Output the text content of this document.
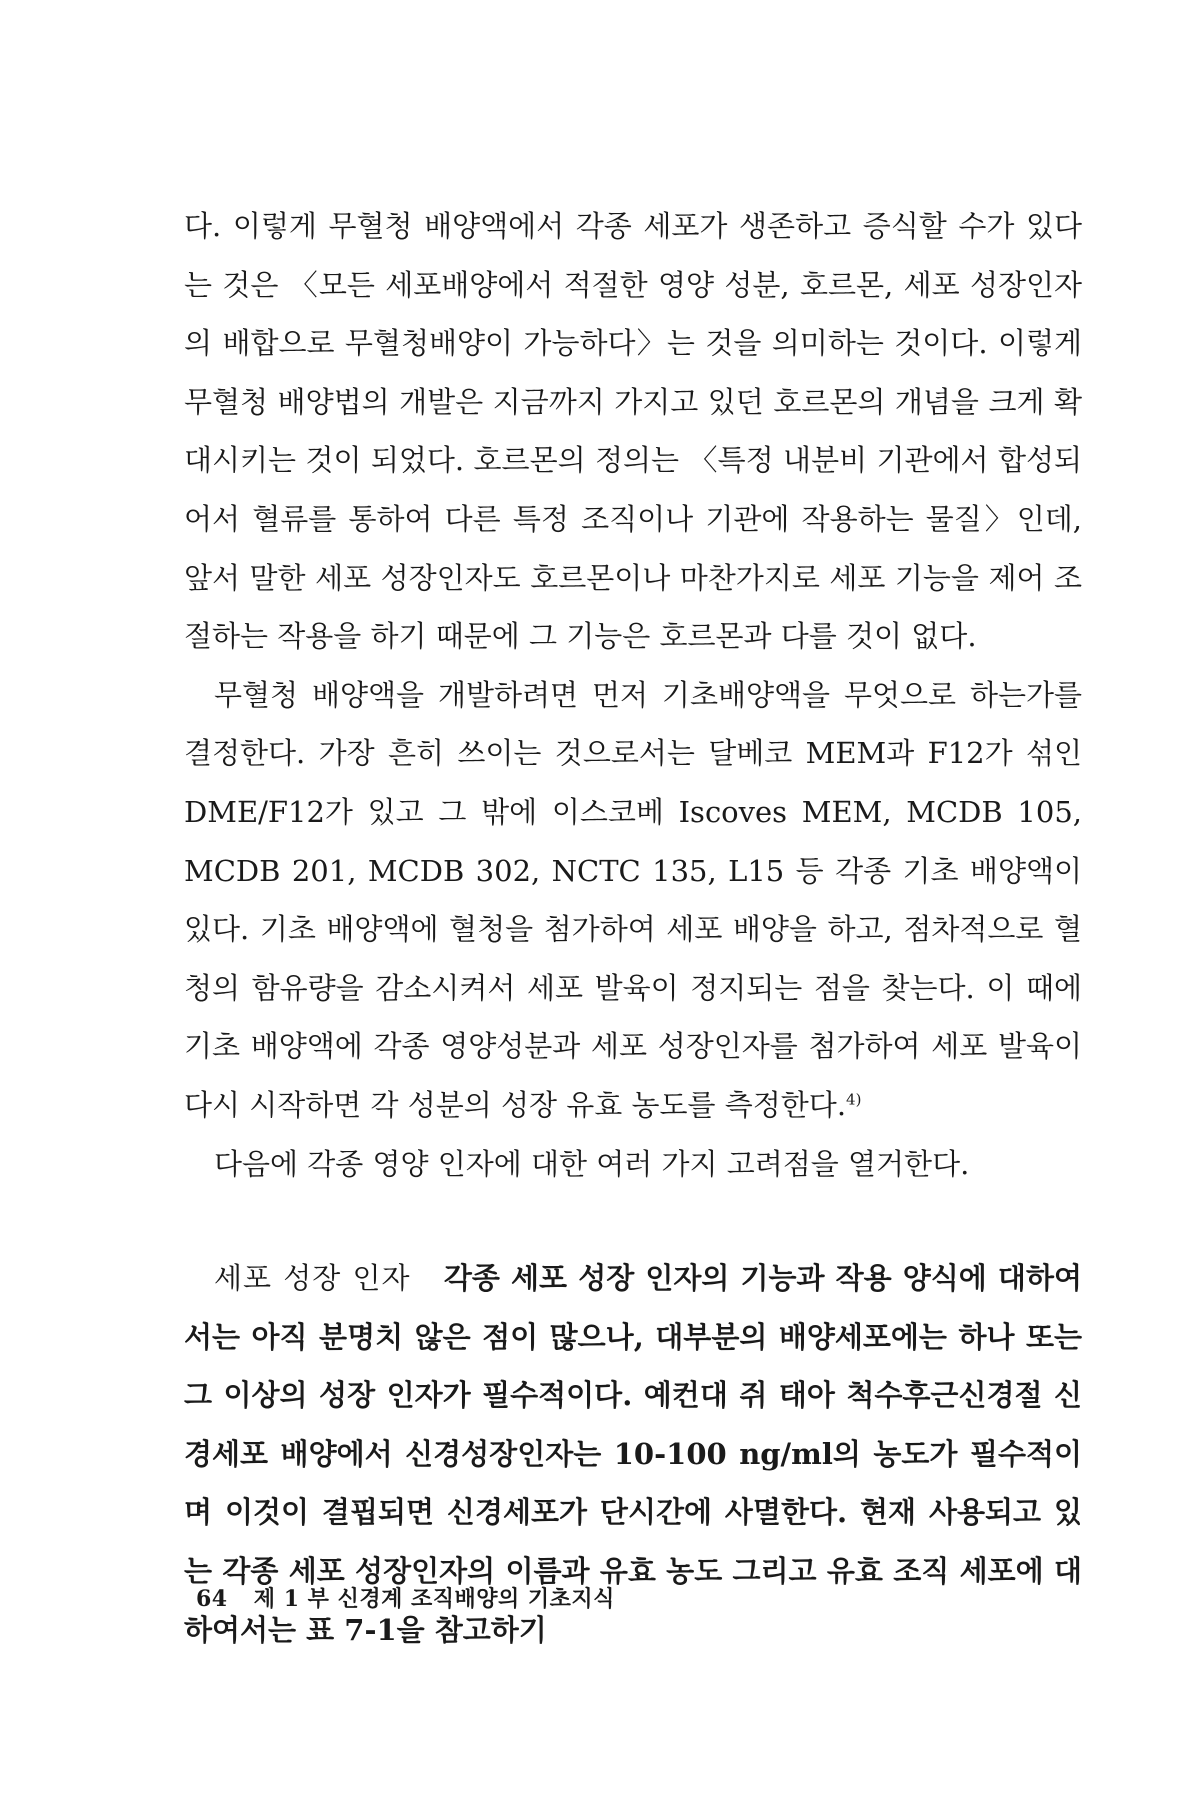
다. 이렇게 무혈청 배양액에서 각종 세포가 생존하고 증식할 수가 있다는 것은 〈모든 세포배양에서 적절한 영양 성분, 호르몬, 세포 성장인자의 배합으로 무혈청배양이 가능하다〉는 것을 의미하는 것이다. 이렇게 무혈청 배양법의 개발은 지금까지 가지고 있던 호르몬의 개념을 크게 확대시키는 것이 되었다. 호르몬의 정의는 〈특정 내분비 기관에서 합성되어서 혈류를 통하여 다른 특정 조직이나 기관에 작용하는 물질〉인데, 앞서 말한 세포 성장인자도 호르몬이나 마찬가지로 세포 기능을 제어 조절하는 작용을 하기 때문에 그 기능은 호르몬과 다를 것이 없다.

무혈청 배양액을 개발하려면 먼저 기초배양액을 무엇으로 하는가를 결정한다. 가장 흔히 쓰이는 것으로서는 달베코 MEM과 F12가 섞인 DME/F12가 있고 그 밖에 이스코베 Iscoves MEM, MCDB 105, MCDB 201, MCDB 302, NCTC 135, L15 등 각종 기초 배양액이 있다. 기초 배양액에 혈청을 첨가하여 세포 배양을 하고, 점차적으로 혈청의 함유량을 감소시켜서 세포 발육이 정지되는 점을 찾는다. 이 때에 기초 배양액에 각종 영양성분과 세포 성장인자를 첨가하여 세포 발육이 다시 시작하면 각 성분의 성장 유효 농도를 측정한다.$^{4)}$

다음에 각종 영양 인자에 대한 여러 가지 고려점을 열거한다.

세포 성장 인자 각종 세포 성장 인자의 기능과 작용 양식에 대하여서는 아직 분명치 않은 점이 많으나, 대부분의 배양세포에는 하나 또는 그 이상의 성장 인자가 필수적이다. 예컨대 쥐 태아 척수후근신경절 신경세포 배양에서 신경성장인자는 10-100 ng/ml의 농도가 필수적이며 이것이 결핍되면 신경세포가 단시간에 사멸한다. 현재 사용되고 있는 각종 세포 성장인자의 이름과 유효 농도 그리고 유효 조직 세포에 대하여서는 표 7-1을 참고하기

64 제 1 부 신경계 조직배양의 기초지식
